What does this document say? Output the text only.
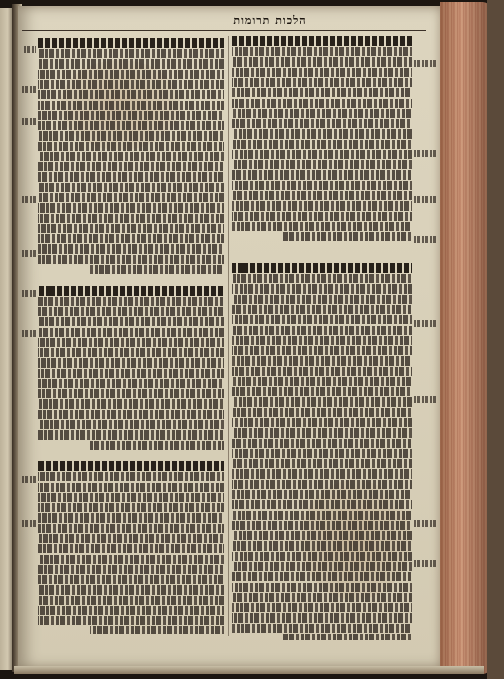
הלכות תרומות
